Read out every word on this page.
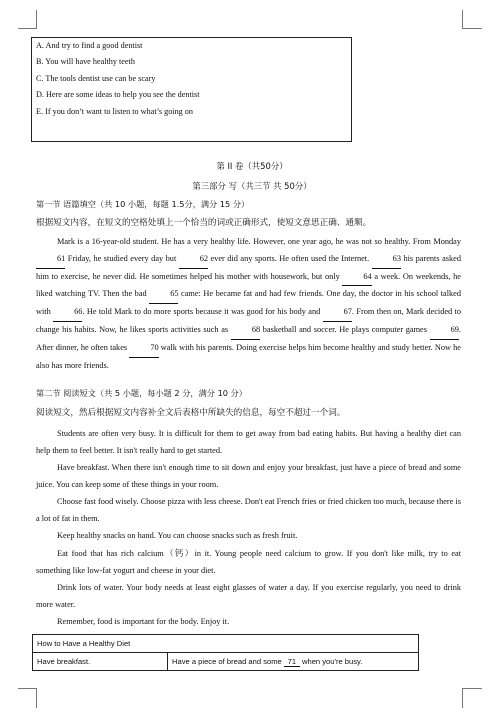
A. And try to find a good dentist
B. You will have healthy teeth
C. The tools dentist use can be scary
D. Here are some ideas to help you see the dentist
E. If you don’t want to listen to what’s going on
第 II 卷（共50分）
第三部分 写（共三节 共 50分）
第一节 语篇填空（共 10 小题，每题 1.5分，满分 15 分）
根据短文内容，在短文的空格处填上一个恰当的词或正确形式，使短文意思正确、通顺。

Mark is a 16-year-old student. He has a very healthy life. However, one year ago, he was not so healthy. From Monday 61 Friday, he studied every day but	62 ever did any sports. He often used the Internet.	63 his parents asked him to exercise, he never did. He sometimes helped his mother with housework, but only	64 a week. On weekends, he liked watching TV. Then the bad	65 came: He became fat and had few friends. One day, the doctor in his school talked with	66. He told Mark to do more sports because it was good for his body and	67. From then on, Mark decided to change his habits. Now, he likes sports activities such as	68 basketball and soccer. He plays computer games	69. After dinner, he often takes	70 walk with his parents. Doing exercise helps him become healthy and study better. Now he also has more friends.

第二节 阅读短文（共 5 小题，每小题 2 分，满分 10 分）
阅读短文，然后根据短文内容补全文后表格中所缺失的信息，每空不超过一个词。

Students are often very busy. It is difficult for them to get away from bad eating habits. But having a healthy diet can help them to feel better. It isn't really hard to get started.

Have breakfast. When there isn't enough time to sit down and enjoy your breakfast, just have a piece of bread and some juice. You can keep some of these things in your room.

Choose fast food wisely. Choose pizza with less cheese. Don't eat French fries or fried chicken too much, because there is a lot of fat in them.

Keep healthy snacks on hand. You can choose snacks such as fresh fruit.

Eat food that has rich calcium（钙）in it. Young people need calcium to grow. If you don't like milk, try to eat something like low-fat yogurt and cheese in your diet.

Drink lots of water. Your body needs at least eight glasses of water a day. If you exercise regularly, you need to drink more water.

Remember, food is important for the body. Enjoy it.

How to Have a Healthy Diet
Have breakfast.	Have a piece of bread and some 71 when you're busy.
